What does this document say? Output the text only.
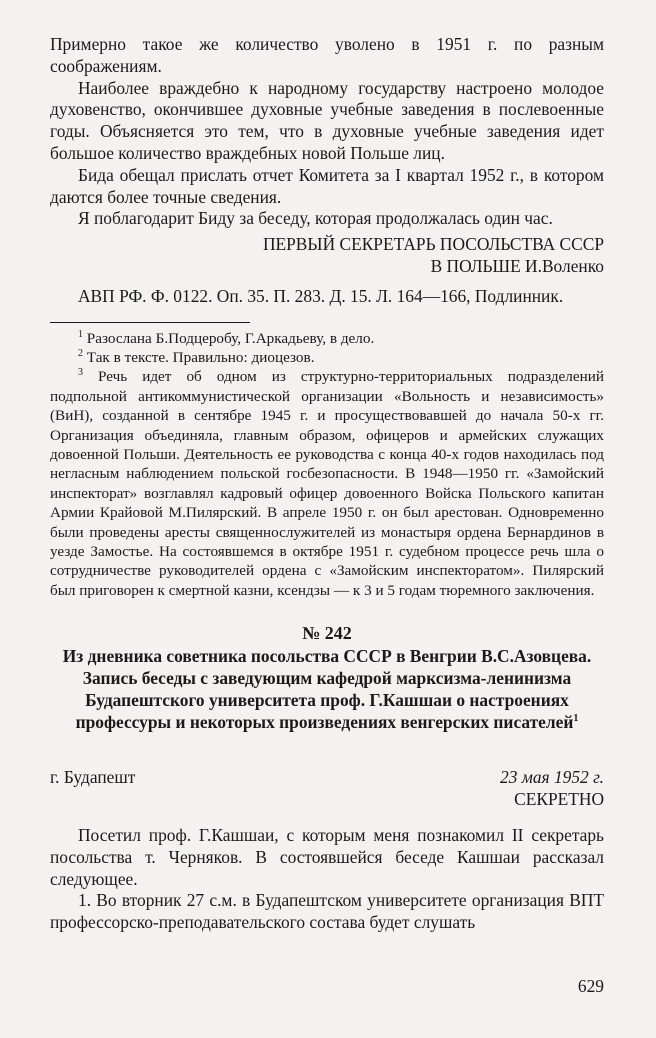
Примерно такое же количество уволено в 1951 г. по разным соображениям.

Наиболее враждебно к народному государству настроено молодое духовенство, окончившее духовные учебные заведения в послевоенные годы. Объясняется это тем, что в духовные учебные заведения идет большое количество враждебных новой Польше лиц.

Бида обещал прислать отчет Комитета за I квартал 1952 г., в котором даются более точные сведения.

Я поблагодарит Биду за беседу, которая продолжалась один час.

ПЕРВЫЙ СЕКРЕТАРЬ ПОСОЛЬСТВА СССР
В ПОЛЬШЕ И.Воленко

АВП РФ. Ф. 0122. Оп. 35. П. 283. Д. 15. Л. 164—166, Подлинник.

$^1$ Разослана Б.Подцеробу, Г.Аркадьеву, в дело.

$^2$ Так в тексте. Правильно: диоцезов.

$^3$ Речь идет об одном из структурно-территориальных подразделений подпольной антикоммунистической организации «Вольность и независимость» (ВиН), созданной в сентябре 1945 г. и просуществовавшей до начала 50-х гг. Организация объединяла, главным образом, офицеров и армейских служащих довоенной Польши. Деятельность ее руководства с конца 40-х годов находилась под негласным наблюдением польской госбезопасности. В 1948—1950 гг. «Замойский инспекторат» возглавлял кадровый офицер довоенного Войска Польского капитан Армии Крайовой М.Пилярский. В апреле 1950 г. он был арестован. Одновременно были проведены аресты священнослужителей из монастыря ордена Бернардинов в уезде Замостье. На состоявшемся в октябре 1951 г. судебном процессе речь шла о сотрудничестве руководителей ордена с «Замойским инспекторатом». Пилярский был приговорен к смертной казни, ксендзы — к 3 и 5 годам тюремного заключения.

№ 242
Из дневника советника посольства СССР в Венгрии В.С.Азовцева. Запись беседы с заведующим кафедрой марксизма-ленинизма Будапештского университета проф. Г.Кашшаи о настроениях профессуры и некоторых произведениях венгерских писателей$^1$
г. Будапешт	23 мая 1952 г.
СЕКРЕТНО

Посетил проф. Г.Кашшаи, с которым меня познакомил II секретарь посольства т. Черняков. В состоявшейся беседе Кашшаи рассказал следующее.

1. Во вторник 27 с.м. в Будапештском университете организация ВПТ профессорско-преподавательского состава будет слушать

629
